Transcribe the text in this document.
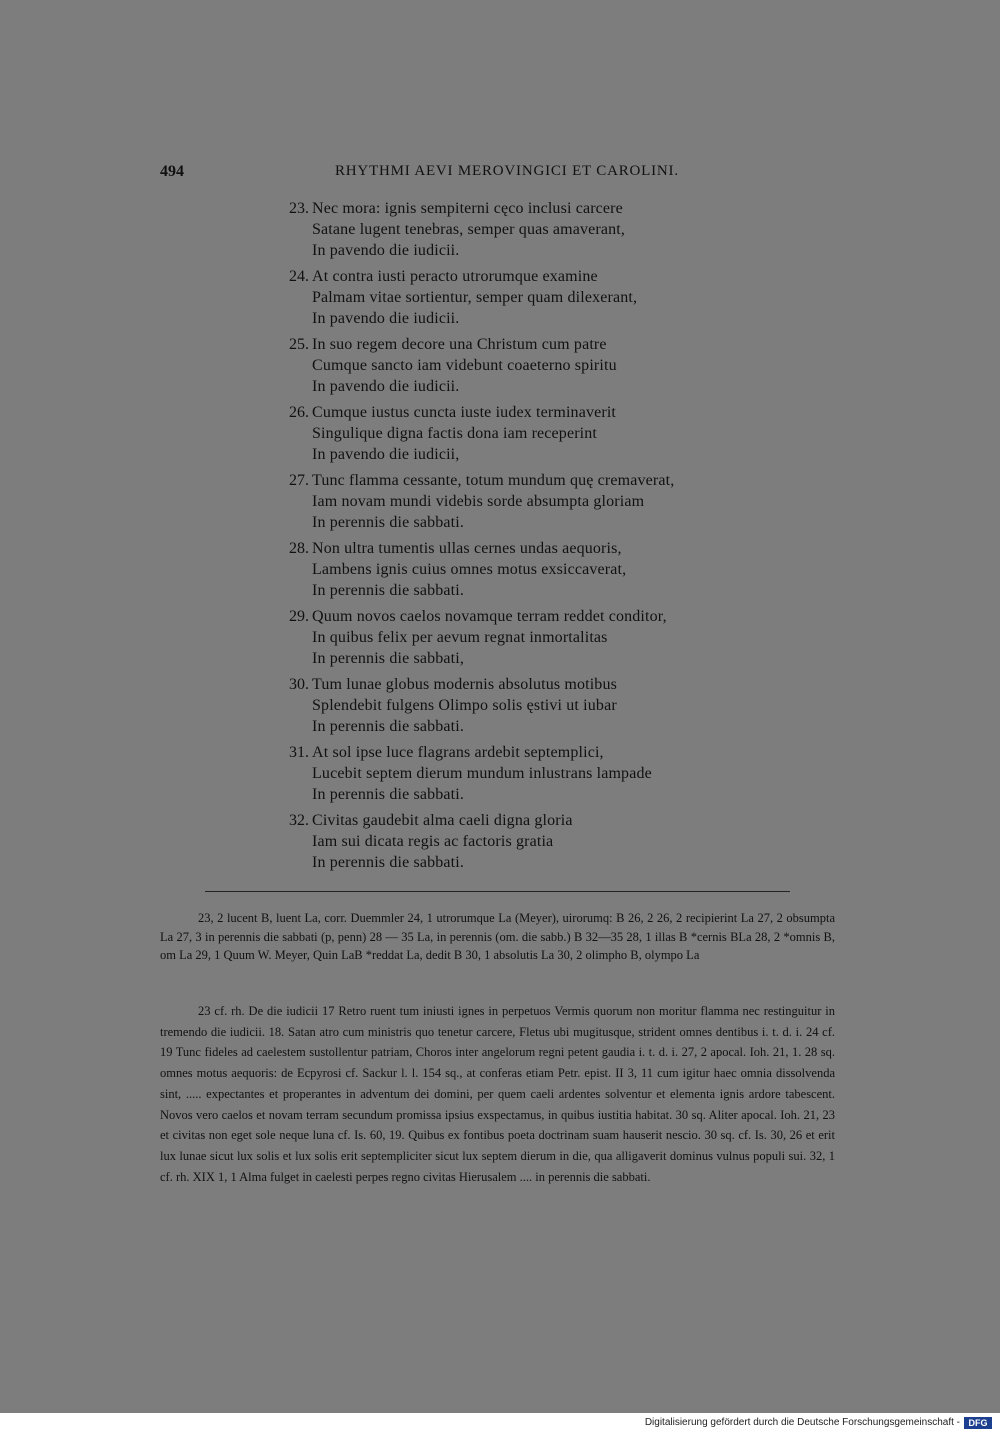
494	RHYTHMI AEVI MEROVINGICI ET CAROLINI.
23. Nec mora: ignis sempiterni cęco inclusi carcere
Satane lugent tenebras, semper quas amaverant,
In pavendo die iudicii.
24. At contra iusti peracto utrorumque examine
Palmam vitae sortientur, semper quam dilexerant,
In pavendo die iudicii.
25. In suo regem decore una Christum cum patre
Cumque sancto iam videbunt coaeterno spiritu
In pavendo die iudicii.
26. Cumque iustus cuncta iuste iudex terminaverit
Singulique digna factis dona iam receperint
In pavendo die iudicii,
27. Tunc flamma cessante, totum mundum quę cremaverat,
Iam novam mundi videbis sorde absumpta gloriam
In perennis die sabbati.
28. Non ultra tumentis ullas cernes undas aequoris,
Lambens ignis cuius omnes motus exsiccaverat,
In perennis die sabbati.
29. Quum novos caelos novamque terram reddet conditor,
In quibus felix per aevum regnat inmortalitas
In perennis die sabbati,
30. Tum lunae globus modernis absolutus motibus
Splendebit fulgens Olimpo solis ęstivi ut iubar
In perennis die sabbati.
31. At sol ipse luce flagrans ardebit septemplici,
Lucebit septem dierum mundum inlustrans lampade
In perennis die sabbati.
32. Civitas gaudebit alma caeli digna gloria
Iam sui dicata regis ac factoris gratia
In perennis die sabbati.

23, 2 lucent B, luent La, corr. Duemmler 24, 1 utrorumque La (Meyer), uirorumq: B 26, 2 26, 2 recipierint La 27, 2 obsumpta La 27, 3 in perennis die sabbati (p, penn) 28 — 35 La, in perennis (om. die sabb.) B 32—35 28, 1 illas B *cernis BLa 28, 2 *omnis B, om La 29, 1 Quum W. Meyer, Quin LaB *reddat La, dedit B 30, 1 absolutis La 30, 2 olimpho B, olympo La

23 cf. rh. De die iudicii 17 Retro ruent tum iniusti ignes in perpetuos Vermis quorum non moritur flamma nec restinguitur in tremendo die iudicii. 18. Satan atro cum ministris quo tenetur carcere, Fletus ubi mugitusque, strident omnes dentibus i. t. d. i. 24 cf. 19 Tunc fideles ad caelestem sustollentur patriam, Choros inter angelorum regni petent gaudia i. t. d. i. 27, 2 apocal. Ioh. 21, 1. 28 sq. omnes motus aequoris: de Ecpyrosi cf. Sackur l. l. 154 sq., at conferas etiam Petr. epist. II 3, 11 cum igitur haec omnia dissolvenda sint, ..... expectantes et properantes in adventum dei domini, per quem caeli ardentes solventur et elementa ignis ardore tabescent. Novos vero caelos et novam terram secundum promissa ipsius exspectamus, in quibus iustitia habitat. 30 sq. Aliter apocal. Ioh. 21, 23 et civitas non eget sole neque luna cf. Is. 60, 19. Quibus ex fontibus poeta doctrinam suam hauserit nescio. 30 sq. cf. Is. 30, 26 et erit lux lunae sicut lux solis et lux solis erit septempliciter sicut lux septem dierum in die, qua alligaverit dominus vulnus populi sui. 32, 1 cf. rh. XIX 1, 1 Alma fulget in caelesti perpes regno civitas Hierusalem .... in perennis die sabbati.

Digitalisierung gefördert durch die Deutsche Forschungsgemeinschaft - DFG
